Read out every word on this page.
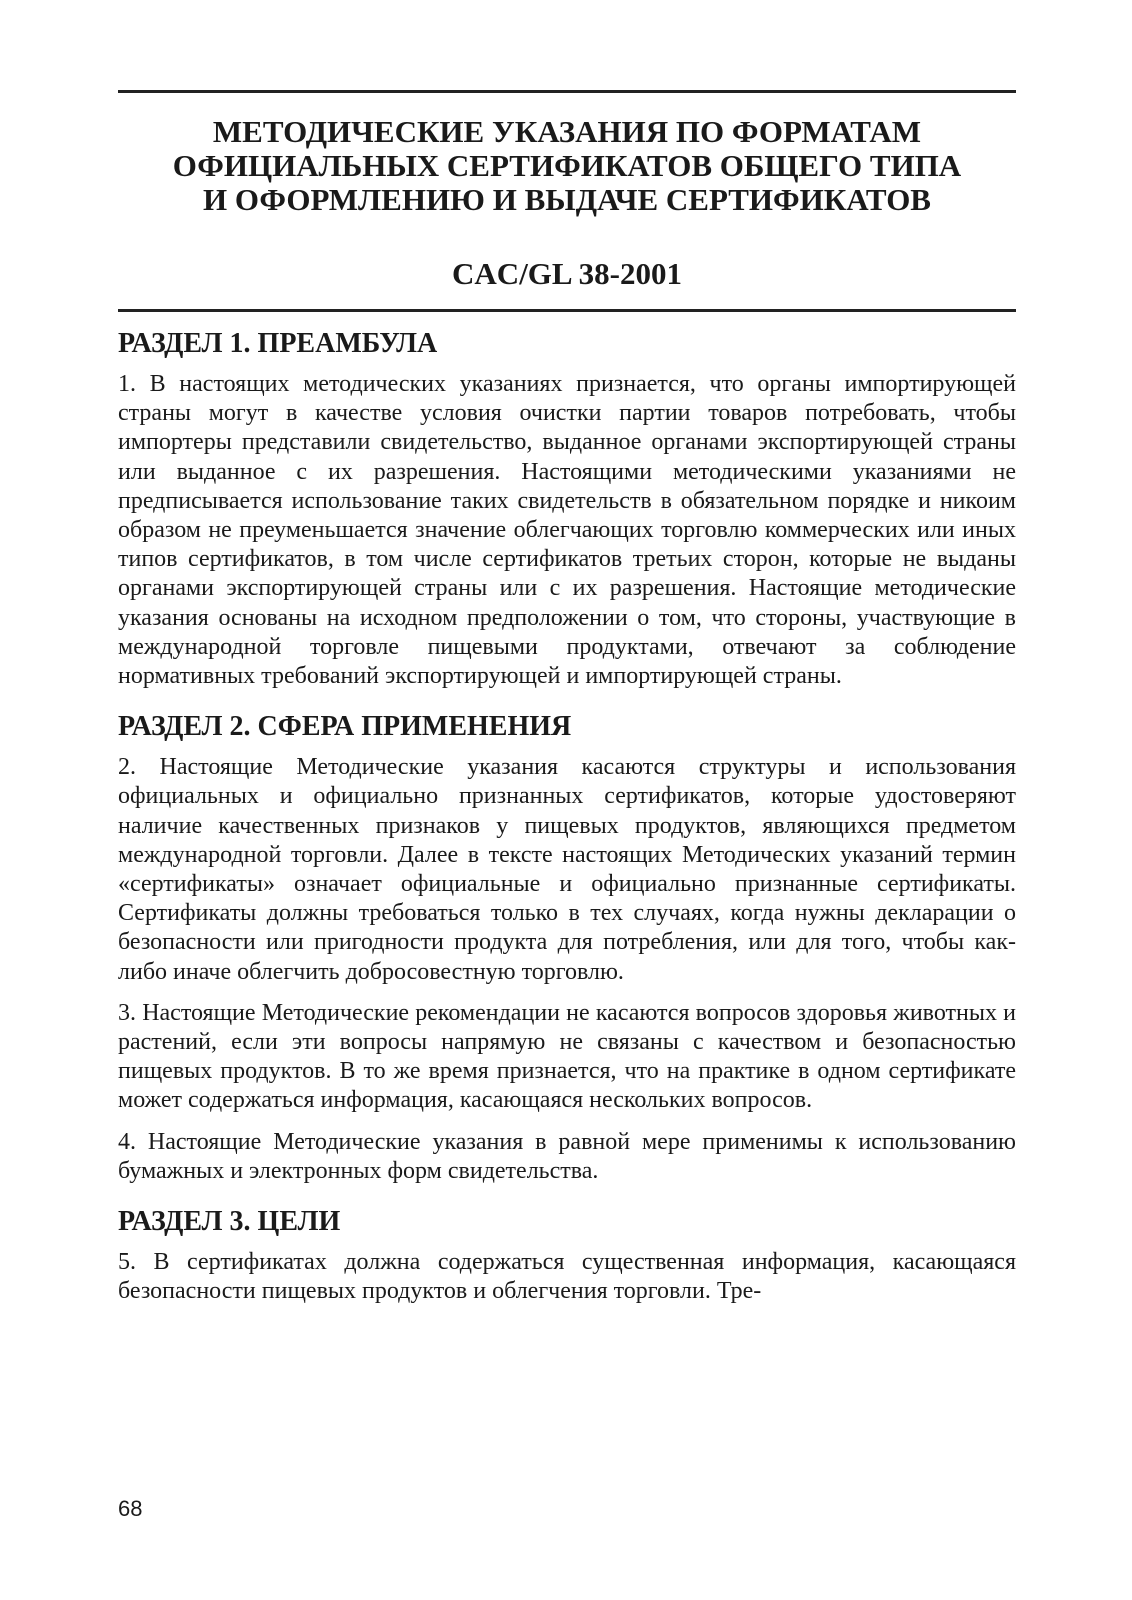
МЕТОДИЧЕСКИЕ УКАЗАНИЯ ПО ФОРМАТАМ
ОФИЦИАЛЬНЫХ СЕРТИФИКАТОВ ОБЩЕГО ТИПА
И ОФОРМЛЕНИЮ И ВЫДАЧЕ СЕРТИФИКАТОВ
CAC/GL 38-2001
РАЗДЕЛ 1. ПРЕАМБУЛА

1. В настоящих методических указаниях признается, что органы импортирующей страны могут в качестве условия очистки партии товаров потребовать, чтобы импортеры представили свидетельство, выданное органами экспортирующей страны или выданное с их разрешения. Настоящими методическими указаниями не предписывается использование таких свидетельств в обязательном порядке и никоим образом не преуменьшается значение облегчающих торговлю коммерческих или иных типов сертификатов, в том числе сертификатов третьих сторон, которые не выданы органами экспортирующей страны или с их разрешения. Настоящие методические указания основаны на исходном предположении о том, что стороны, участвующие в международной торговле пищевыми продуктами, отвечают за соблюдение нормативных требований экспортирующей и импортирующей страны.

РАЗДЕЛ 2. СФЕРА ПРИМЕНЕНИЯ

2. Настоящие Методические указания касаются структуры и использования официальных и официально признанных сертификатов, которые удостоверяют наличие качественных признаков у пищевых продуктов, являющихся предметом международной торговли. Далее в тексте настоящих Методических указаний термин «сертификаты» означает официальные и официально признанные сертификаты. Сертификаты должны требоваться только в тех случаях, когда нужны декларации о безопасности или пригодности продукта для потребления, или для того, чтобы как-либо иначе облегчить добросовестную торговлю.

3. Настоящие Методические рекомендации не касаются вопросов здоровья животных и растений, если эти вопросы напрямую не связаны с качеством и безопасностью пищевых продуктов. В то же время признается, что на практике в одном сертификате может содержаться информация, касающаяся нескольких вопросов.

4. Настоящие Методические указания в равной мере применимы к использованию бумажных и электронных форм свидетельства.

РАЗДЕЛ 3. ЦЕЛИ

5. В сертификатах должна содержаться существенная информация, касающаяся безопасности пищевых продуктов и облегчения торговли. Тре-

68
